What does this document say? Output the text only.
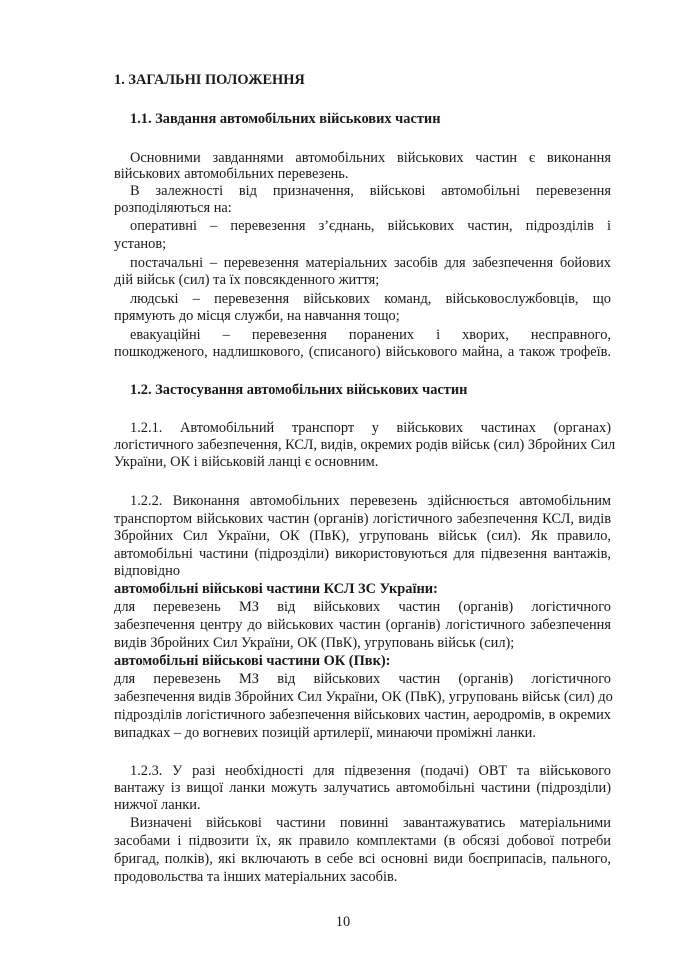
1. ЗАГАЛЬНІ ПОЛОЖЕННЯ

1.1. Завдання автомобільних військових частин

Основними завданнями автомобільних військових частин є виконання

військових автомобільних перевезень.

В залежності від призначення, військові автомобільні перевезення

розподіляються на:

оперативні – перевезення з’єднань, військових частин, підрозділів і

установ;

постачальні – перевезення матеріальних засобів для забезпечення бойових

дій військ (сил) та їх повсякденного життя;

людські – перевезення військових команд, військовослужбовців, що

прямують до місця служби, на навчання тощо;

евакуаційні – перевезення поранених і хворих, несправного,

пошкодженого, надлишкового, (списаного) військового майна, а також трофеїв.

1.2. Застосування автомобільних військових частин

1.2.1. Автомобільний транспорт у військових частинах (органах)

логістичного забезпечення, КСЛ, видів, окремих родів військ (сил) Збройних Сил

України, ОК і військовій ланці є основним.

1.2.2. Виконання автомобільних перевезень здійснюється автомобільним

транспортом військових частин (органів) логістичного забезпечення КСЛ, видів

Збройних Сил України, ОК (ПвК), угруповань військ (сил). Як правило,

автомобільні частини (підрозділи) використовуються для підвезення вантажів,

відповідно

автомобільні військові частини КСЛ ЗС України:

для перевезень МЗ від військових частин (органів) логістичного

забезпечення центру до військових частин (органів) логістичного забезпечення

видів Збройних Сил України, ОК (ПвК), угруповань військ (сил);

автомобільні військові частини ОК (Пвк):

для перевезень МЗ від військових частин (органів) логістичного

забезпечення видів Збройних Сил України, ОК (ПвК), угруповань військ (сил) до

підрозділів логістичного забезпечення військових частин, аеродромів, в окремих

випадках – до вогневих позицій артилерії, минаючи проміжні ланки.

1.2.3. У разі необхідності для підвезення (подачі) ОВТ та військового

вантажу із вищої ланки можуть залучатись автомобільні частини (підрозділи)

нижчої ланки.

Визначені військові частини повинні завантажуватись матеріальними

засобами і підвозити їх, як правило комплектами (в обсязі добової потреби

бригад, полків), які включають в себе всі основні види боєприпасів, пального,

продовольства та інших матеріальних засобів.

10
